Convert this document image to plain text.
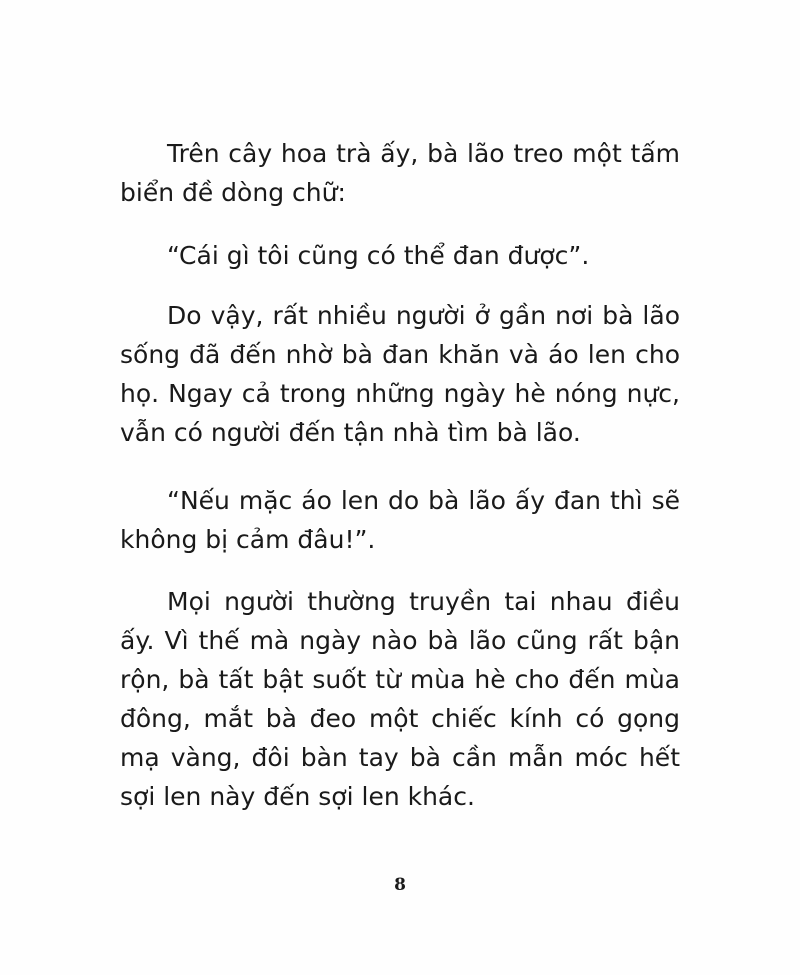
Trên cây hoa trà ấy, bà lão treo một tấm biển đề dòng chữ:

“Cái gì tôi cũng có thể đan được”.

Do vậy, rất nhiều người ở gần nơi bà lão sống đã đến nhờ bà đan khăn và áo len cho họ. Ngay cả trong những ngày hè nóng nực, vẫn có người đến tận nhà tìm bà lão.

“Nếu mặc áo len do bà lão ấy đan thì sẽ không bị cảm đâu!”.

Mọi người thường truyền tai nhau điều ấy. Vì thế mà ngày nào bà lão cũng rất bận rộn, bà tất bật suốt từ mùa hè cho đến mùa đông, mắt bà đeo một chiếc kính có gọng mạ vàng, đôi bàn tay bà cần mẫn móc hết sợi len này đến sợi len khác.

8
